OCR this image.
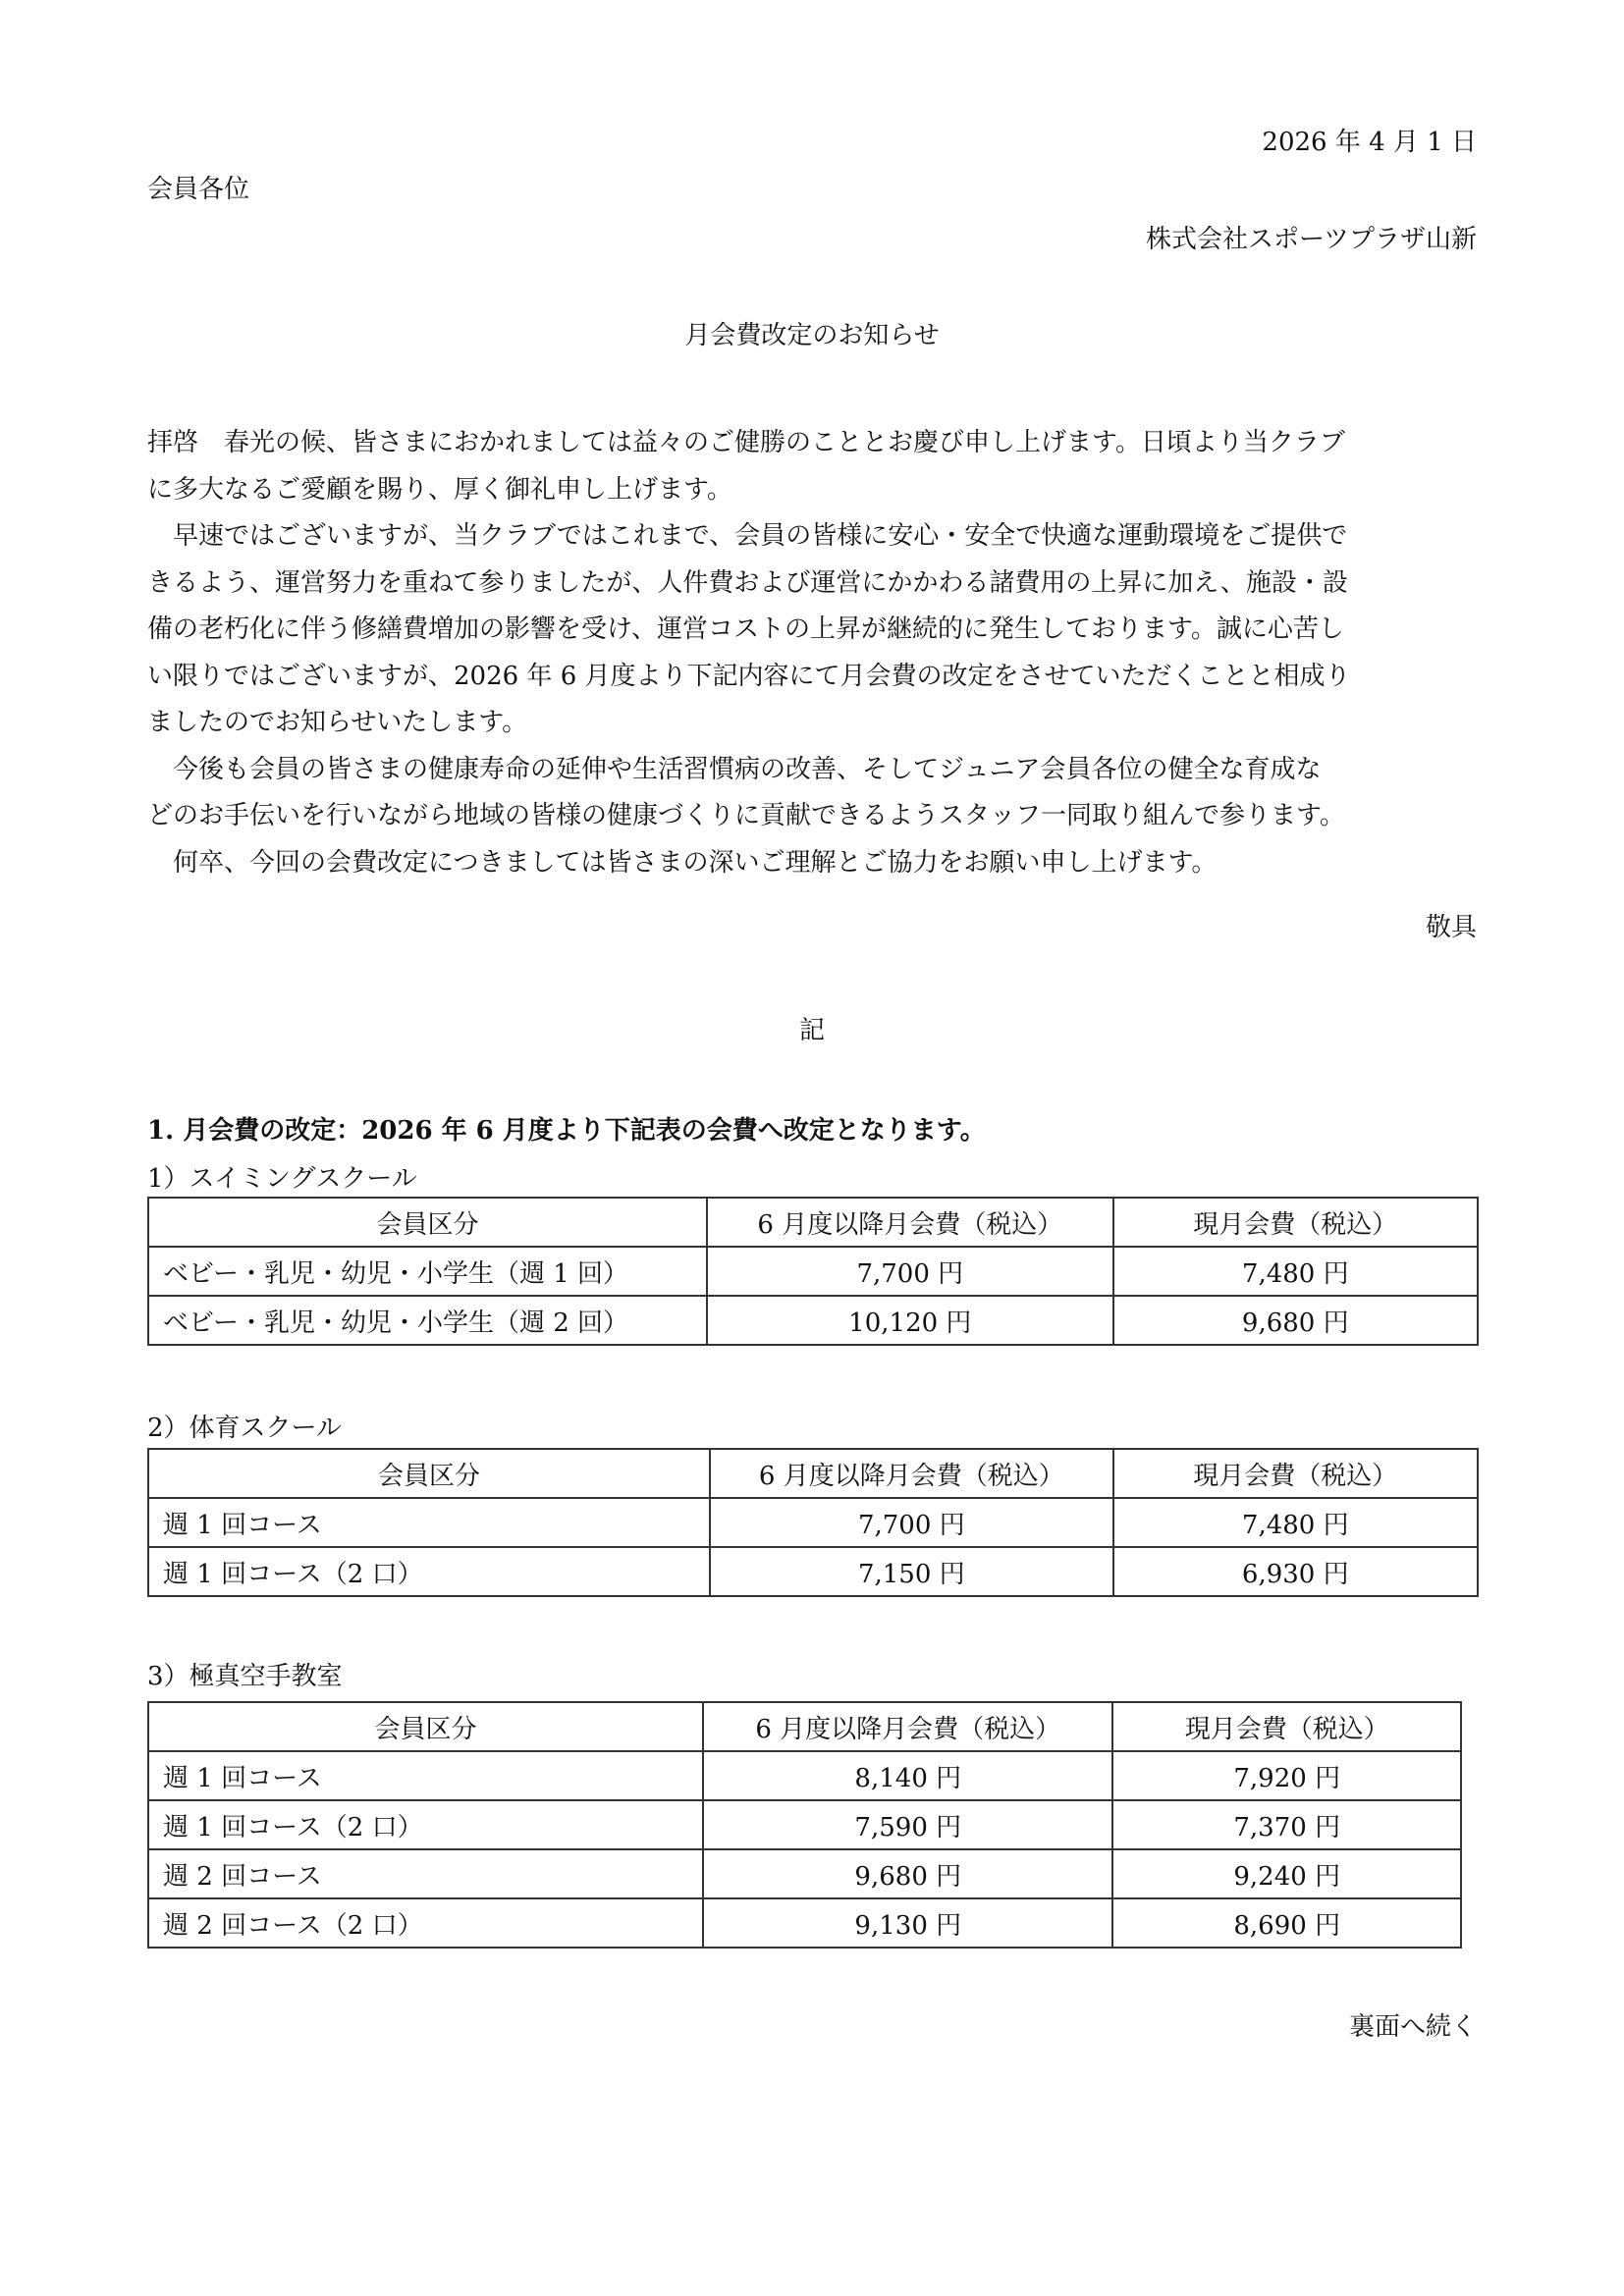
2026 年 4 月 1 日
会員各位
株式会社スポーツプラザ山新
月会費改定のお知らせ

拝啓　春光の候、皆さまにおかれましては益々のご健勝のこととお慶び申し上げます。日頃より当クラブ
に多大なるご愛顧を賜り、厚く御礼申し上げます。

早速ではございますが、当クラブではこれまで、会員の皆様に安心・安全で快適な運動環境をご提供で
きるよう、運営努力を重ねて参りましたが、人件費および運営にかかわる諸費用の上昇に加え、施設・設
備の老朽化に伴う修繕費増加の影響を受け、運営コストの上昇が継続的に発生しております。誠に心苦し
い限りではございますが、2026 年 6 月度より下記内容にて月会費の改定をさせていただくことと相成り
ましたのでお知らせいたします。

今後も会員の皆さまの健康寿命の延伸や生活習慣病の改善、そしてジュニア会員各位の健全な育成な
どのお手伝いを行いながら地域の皆様の健康づくりに貢献できるようスタッフ一同取り組んで参ります。

何卒、今回の会費改定につきましては皆さまの深いご理解とご協力をお願い申し上げます。

敬具
記
1. 月会費の改定：2026 年 6 月度より下記表の会費へ改定となります。
1）スイミングスクール
会員区分	6 月度以降月会費（税込）	現月会費（税込）
ベビー・乳児・幼児・小学生（週 1 回）	7,700 円	7,480 円
ベビー・乳児・幼児・小学生（週 2 回）	10,120 円	9,680 円
2）体育スクール
会員区分	6 月度以降月会費（税込）	現月会費（税込）
週 1 回コース	7,700 円	7,480 円
週 1 回コース（2 口）	7,150 円	6,930 円
3）極真空手教室
会員区分	6 月度以降月会費（税込）	現月会費（税込）
週 1 回コース	8,140 円	7,920 円
週 1 回コース（2 口）	7,590 円	7,370 円
週 2 回コース	9,680 円	9,240 円
週 2 回コース（2 口）	9,130 円	8,690 円
裏面へ続く
